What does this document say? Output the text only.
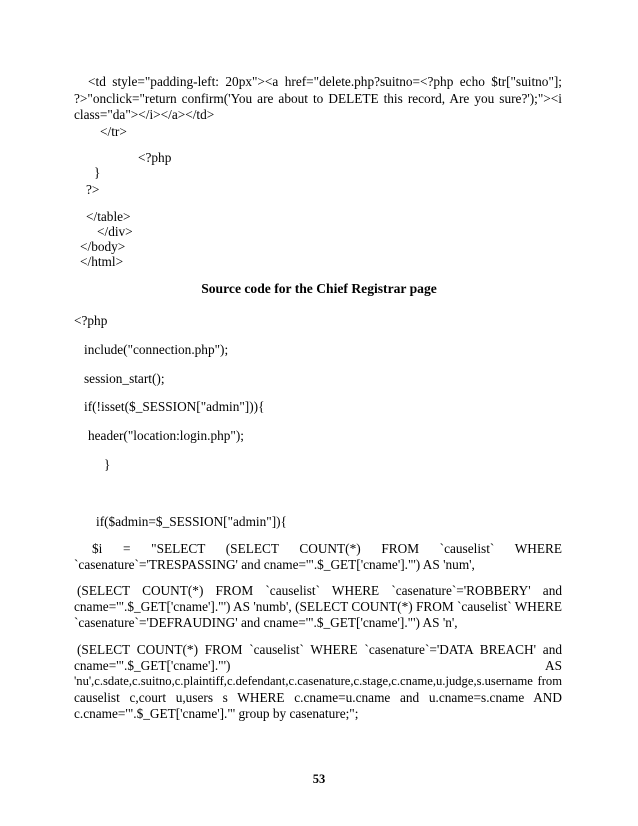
<td style="padding-left: 20px"><a href="delete.php?suitno=<?php echo $tr["suitno"];

?>"onclick="return confirm('You are about to DELETE this record, Are you sure?');"><i

class="da"></i></a></td>

</tr>

<?php

}

?>

</table>

</div>

</body>

</html>

Source code for the Chief Registrar page

<?php

include("connection.php");

session_start();

if(!isset($_SESSION["admin"])){

header("location:login.php");

}

if($admin=$_SESSION["admin"]){

$i = "SELECT (SELECT COUNT(*) FROM `causelist` WHERE

`casenature`='TRESPASSING' and cname='".$_GET['cname']."') AS 'num',

(SELECT COUNT(*) FROM `causelist` WHERE `casenature`='ROBBERY' and

cname='".$_GET['cname']."') AS 'numb', (SELECT COUNT(*) FROM `causelist` WHERE

`casenature`='DEFRAUDING' and cname='".$_GET['cname']."') AS 'n',

(SELECT COUNT(*) FROM `causelist` WHERE `casenature`='DATA BREACH' and

cname='".$_GET['cname']."') AS

'nu',c.sdate,c.suitno,c.plaintiff,c.defendant,c.casenature,c.stage,c.cname,u.judge,s.username from

causelist c,court u,users s WHERE c.cname=u.cname and u.cname=s.cname AND

c.cname='".$_GET['cname']."' group by casenature;";

53
